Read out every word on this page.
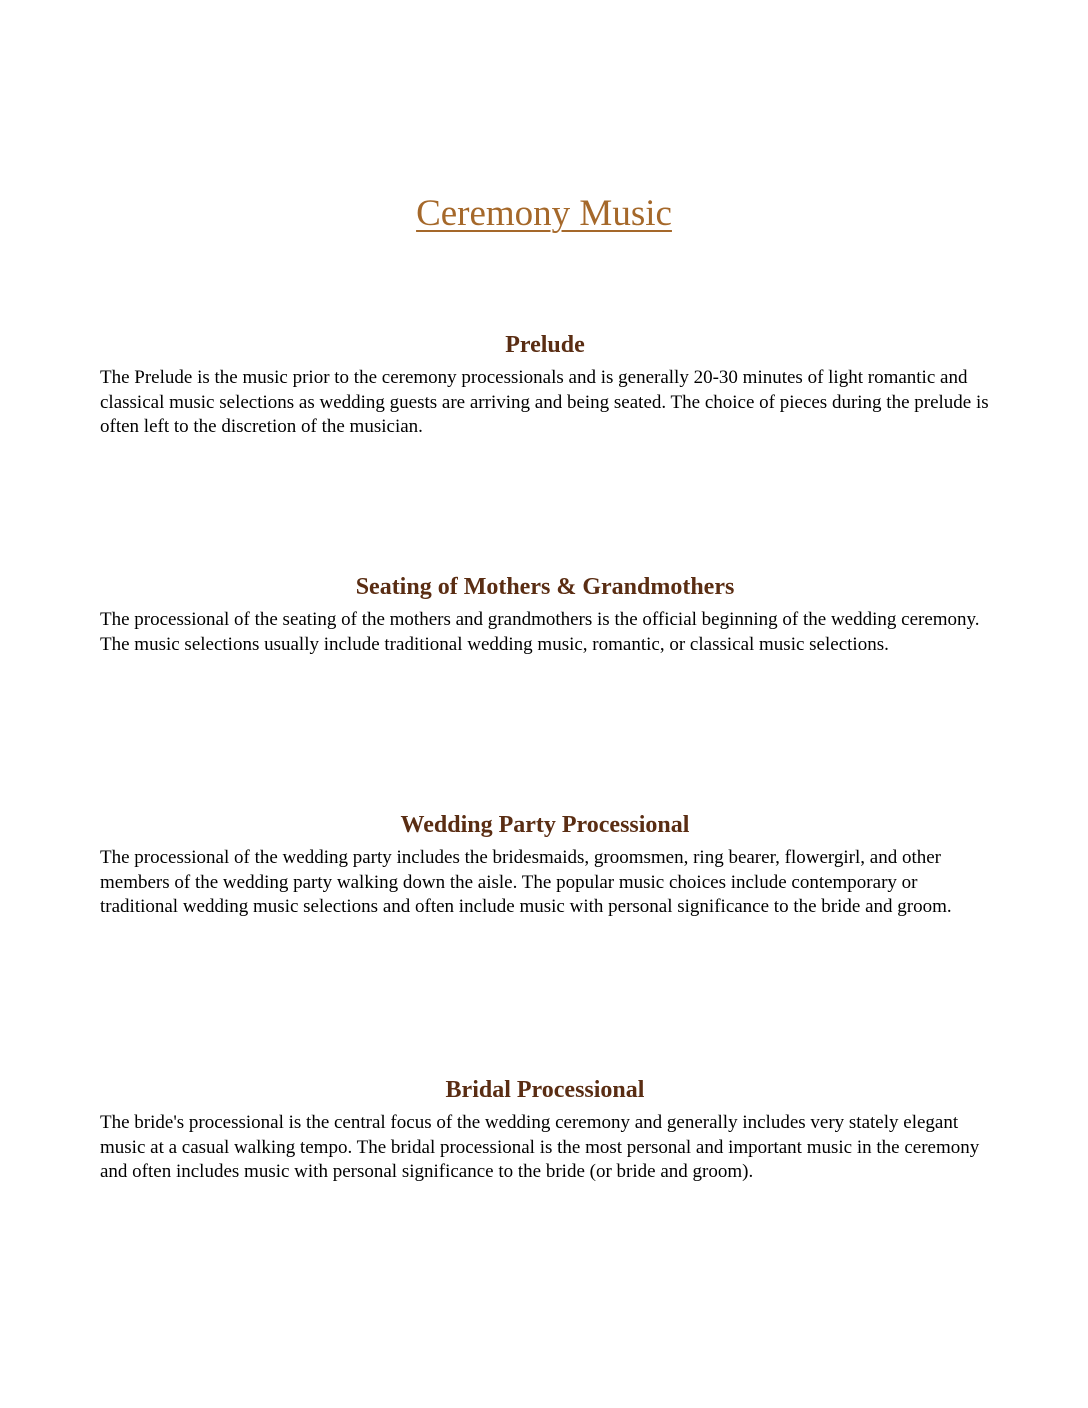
Ceremony Music
Prelude

The Prelude is the music prior to the ceremony processionals and is generally 20-30 minutes of light romantic and classical music selections as wedding guests are arriving and being seated. The choice of pieces during the prelude is often left to the discretion of the musician.

Seating of Mothers & Grandmothers

The processional of the seating of the mothers and grandmothers is the official beginning of the wedding ceremony. The music selections usually include traditional wedding music, romantic, or classical music selections.

Wedding Party Processional

The processional of the wedding party includes the bridesmaids, groomsmen, ring bearer, flowergirl, and other members of the wedding party walking down the aisle. The popular music choices include contemporary or traditional wedding music selections and often include music with personal significance to the bride and groom.

Bridal Processional

The bride's processional is the central focus of the wedding ceremony and generally includes very stately elegant music at a casual walking tempo. The bridal processional is the most personal and important music in the ceremony and often includes music with personal significance to the bride (or bride and groom).
